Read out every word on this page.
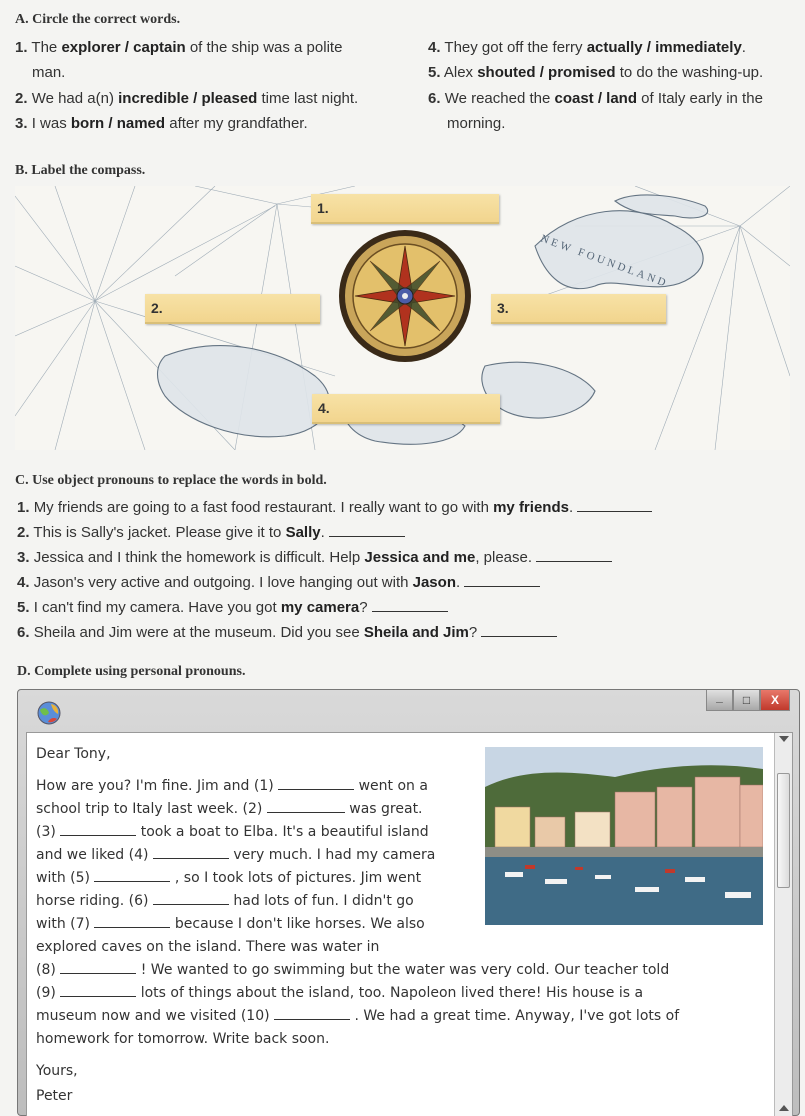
A. Circle the correct words.
1. The explorer / captain of the ship was a polite
man.
2. We had a(n) incredible / pleased time last night.
3. I was born / named after my grandfather.
4. They got off the ferry actually / immediately.
5. Alex shouted / promised to do the washing-up.
6. We reached the coast / land of Italy early in the
morning.
B. Label the compass.
NEW FOUNDLAND
1.
2.	3.
4.
C. Use object pronouns to replace the words in bold.
1. My friends are going to a fast food restaurant. I really want to go with my friends.
2. This is Sally's jacket. Please give it to Sally.
3. Jessica and I think the homework is difficult. Help Jessica and me, please.
4. Jason's very active and outgoing. I love hanging out with Jason.
5. I can't find my camera. Have you got my camera?
6. Sheila and Jim were at the museum. Did you see Sheila and Jim?
D. Complete using personal pronouns.
_	□	X
Dear Tony,
How are you? I'm fine. Jim and (1)	went on a
school trip to Italy last week. (2)	was great.
(3)	took a boat to Elba. It's a beautiful island
and we liked (4)	very much. I had my camera
with (5)	, so I took lots of pictures. Jim went
horse riding. (6)	had lots of fun. I didn't go
with (7)	because I don't like horses. We also
explored caves on the island. There was water in
(8)	! We wanted to go swimming but the water was very cold. Our teacher told
(9)	lots of things about the island, too. Napoleon lived there! His house is a
museum now and we visited (10)	. We had a great time. Anyway, I've got lots of
homework for tomorrow. Write back soon.
Yours,
Peter
